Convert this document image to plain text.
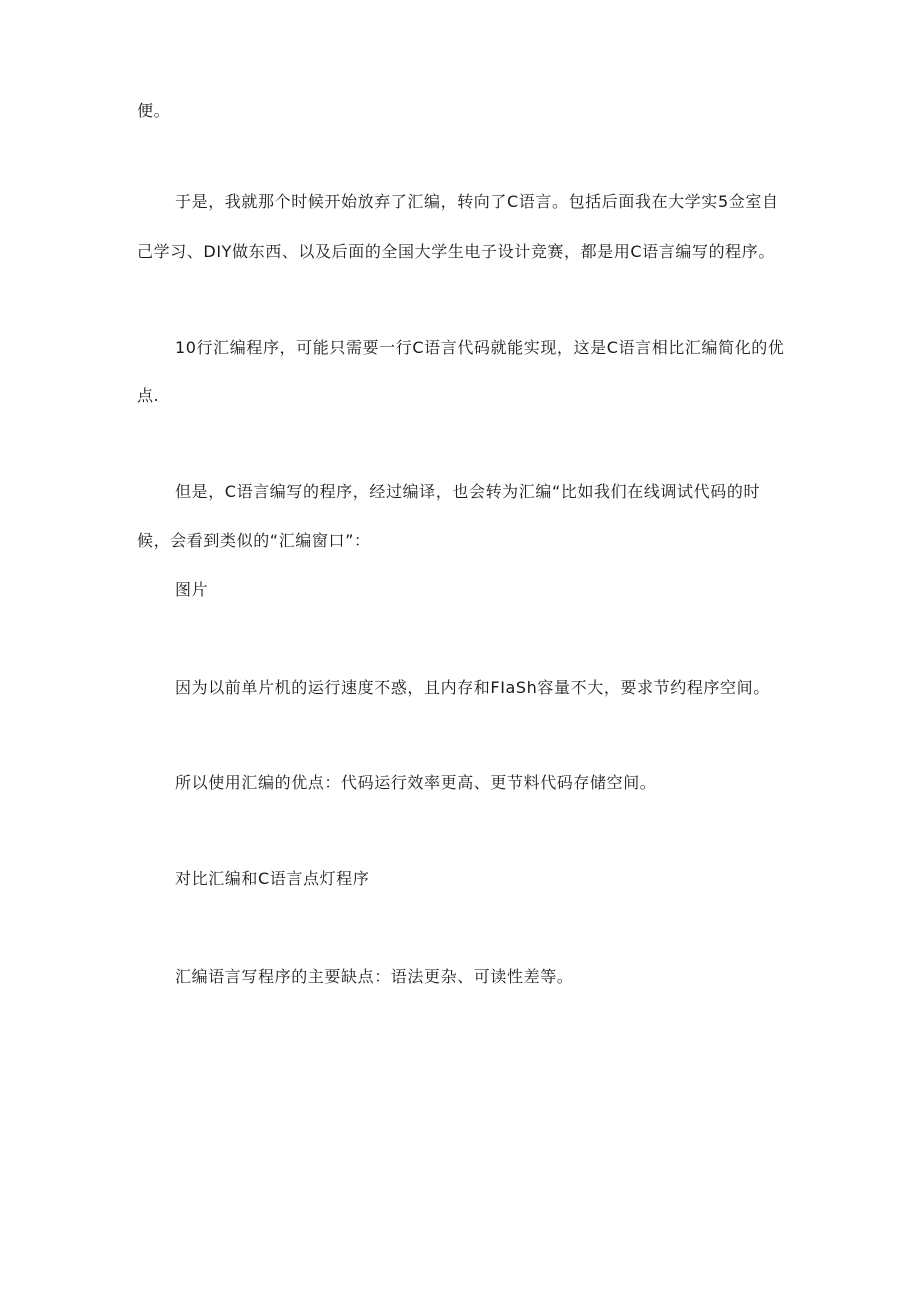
便。
于是，我就那个时候开始放弃了汇编，转向了C语言。包括后面我在大学实5佥室自
己学习、DIY做东西、以及后面的全国大学生电子设计竞赛，都是用C语言编写的程序。
10行汇编程序，可能只需要一行C语言代码就能实现，这是C语言相比汇编简化的优
点.
但是，C语言编写的程序，经过编译，也会转为汇编“比如我们在线调试代码的时
候，会看到类似的“汇编窗口”：
图片
因为以前单片机的运行速度不惑，且内存和FIaSh容量不大，要求节约程序空间。
所以使用汇编的优点：代码运行效率更高、更节料代码存储空间。
对比汇编和C语言点灯程序
汇编语言写程序的主要缺点：语法更杂、可读性差等。
